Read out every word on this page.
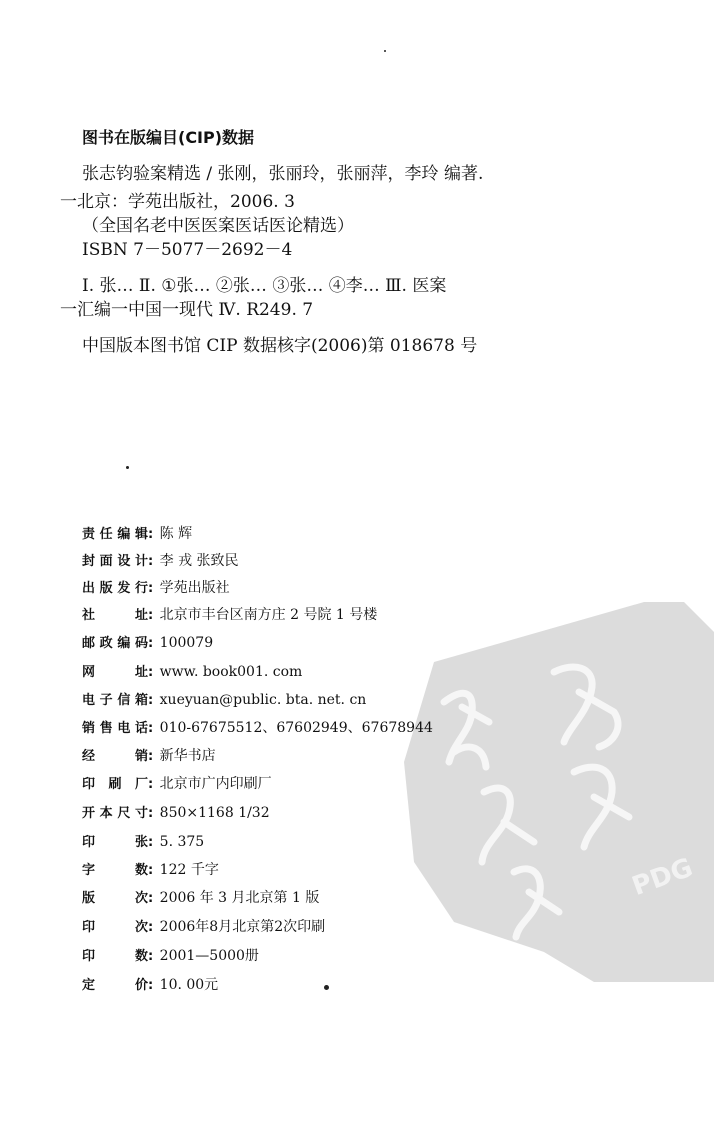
图书在版编目(CIP)数据
张志钧验案精选 / 张刚，张丽玲，张丽萍，李玲 编著.
一北京：学苑出版社，2006. 3
（全国名老中医医案医话医论精选）
ISBN 7－5077－2692－4
Ⅰ. 张… Ⅱ. ①张… ②张… ③张… ④李… Ⅲ. 医案
一汇编一中国一现代 Ⅳ. R249. 7
中国版本图书馆 CIP 数据核字(2006)第 018678 号
PDG
责任编辑: 陈 辉
封面设计: 李 戎 张致民
出版发行: 学苑出版社
社址: 北京市丰台区南方庄 2 号院 1 号楼
邮政编码: 100079
网址: www. book001. com
电子信箱: xueyuan@public. bta. net. cn
销售电话: 010-67675512、67602949、67678944
经销: 新华书店
印刷厂: 北京市广内印刷厂
开本尺寸: 850×1168 1/32
印张: 5. 375
字数: 122 千字
版次: 2006 年 3 月北京第 1 版
印次: 2006年8月北京第2次印刷
印数: 2001—5000册
定价: 10. 00元
